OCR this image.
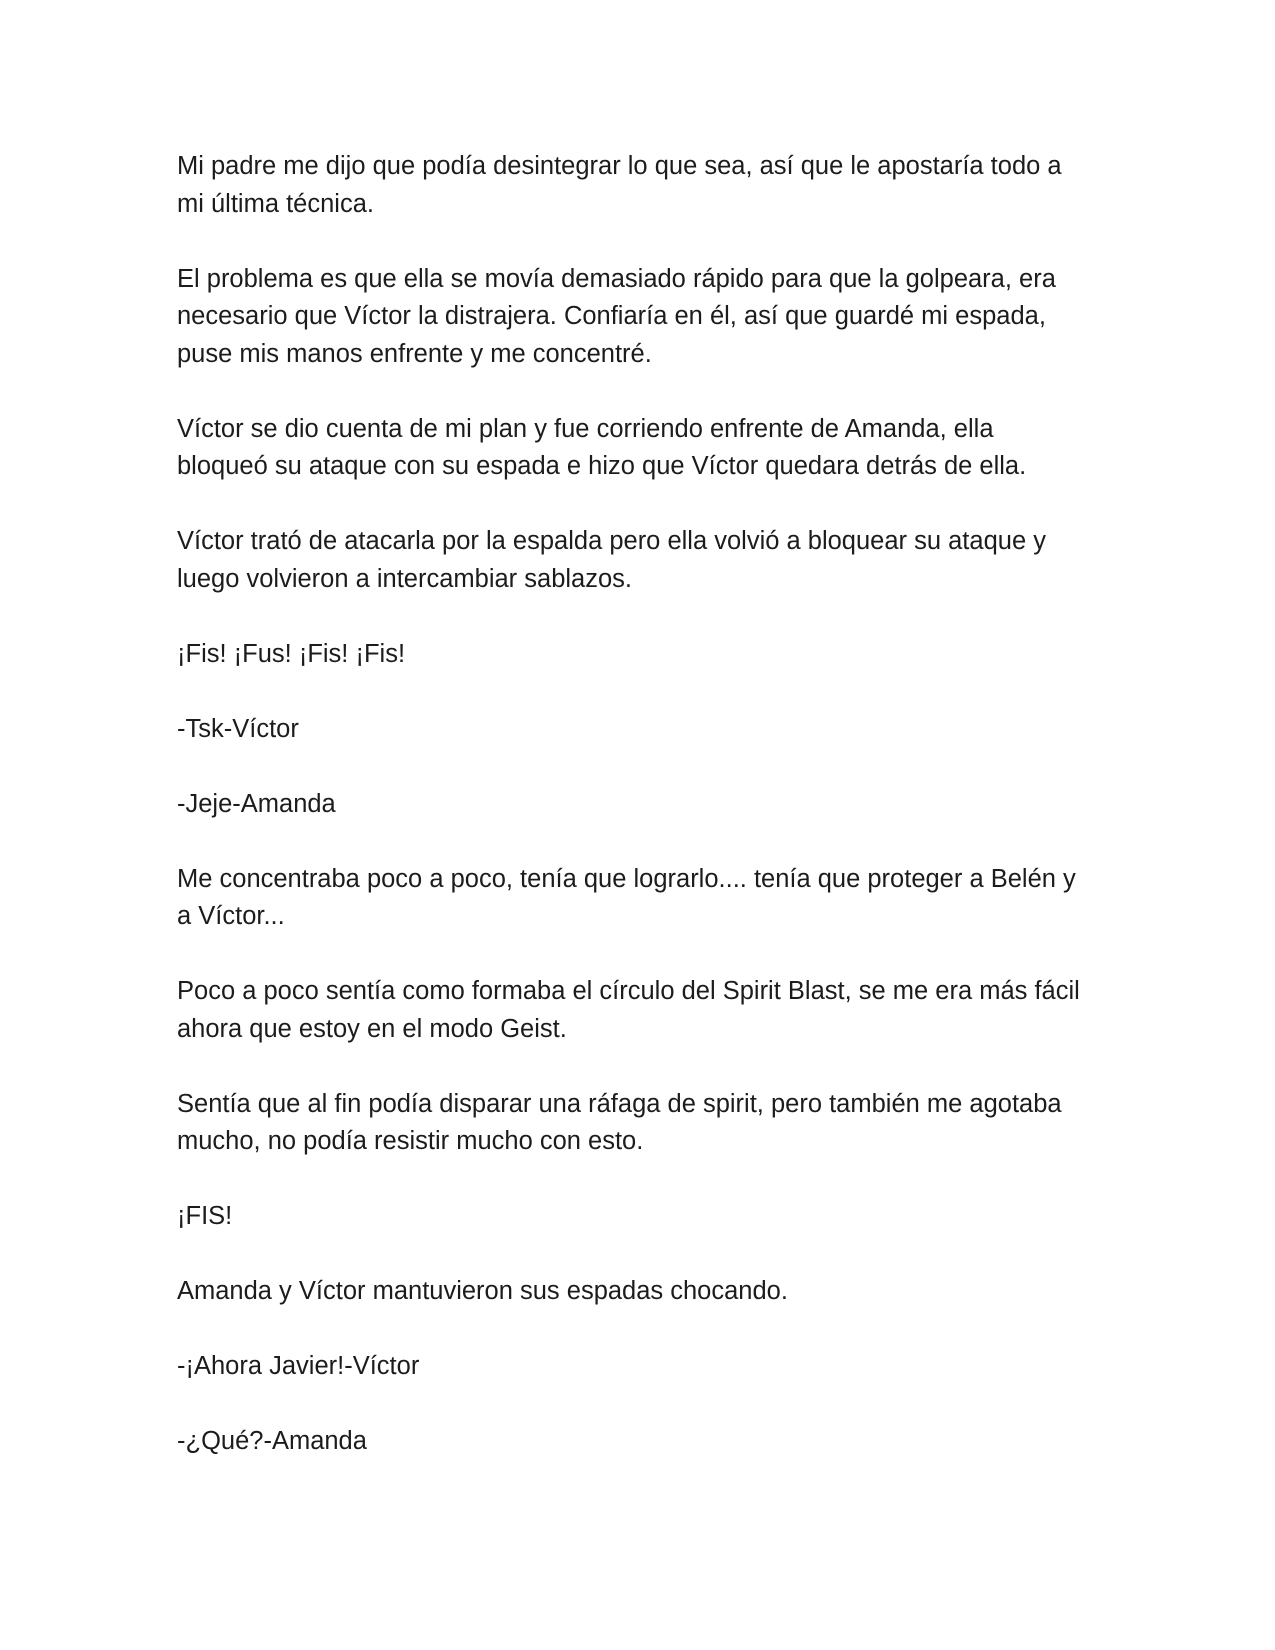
Mi padre me dijo que podía desintegrar lo que sea, así que le apostaría todo a mi última técnica.

El problema es que ella se movía demasiado rápido para que la golpeara, era necesario que Víctor la distrajera. Confiaría en él, así que guardé mi espada, puse mis manos enfrente y me concentré.

Víctor se dio cuenta de mi plan y fue corriendo enfrente de Amanda, ella bloqueó su ataque con su espada e hizo que Víctor quedara detrás de ella.

Víctor trató de atacarla por la espalda pero ella volvió a bloquear su ataque y luego volvieron a intercambiar sablazos.

¡Fis! ¡Fus! ¡Fis! ¡Fis!

-Tsk-Víctor

-Jeje-Amanda

Me concentraba poco a poco, tenía que lograrlo.... tenía que proteger a Belén y a Víctor...

Poco a poco sentía como formaba el círculo del Spirit Blast, se me era más fácil ahora que estoy en el modo Geist.

Sentía que al fin podía disparar una ráfaga de spirit, pero también me agotaba mucho, no podía resistir mucho con esto.

¡FIS!

Amanda y Víctor mantuvieron sus espadas chocando.

-¡Ahora Javier!-Víctor

-¿Qué?-Amanda
